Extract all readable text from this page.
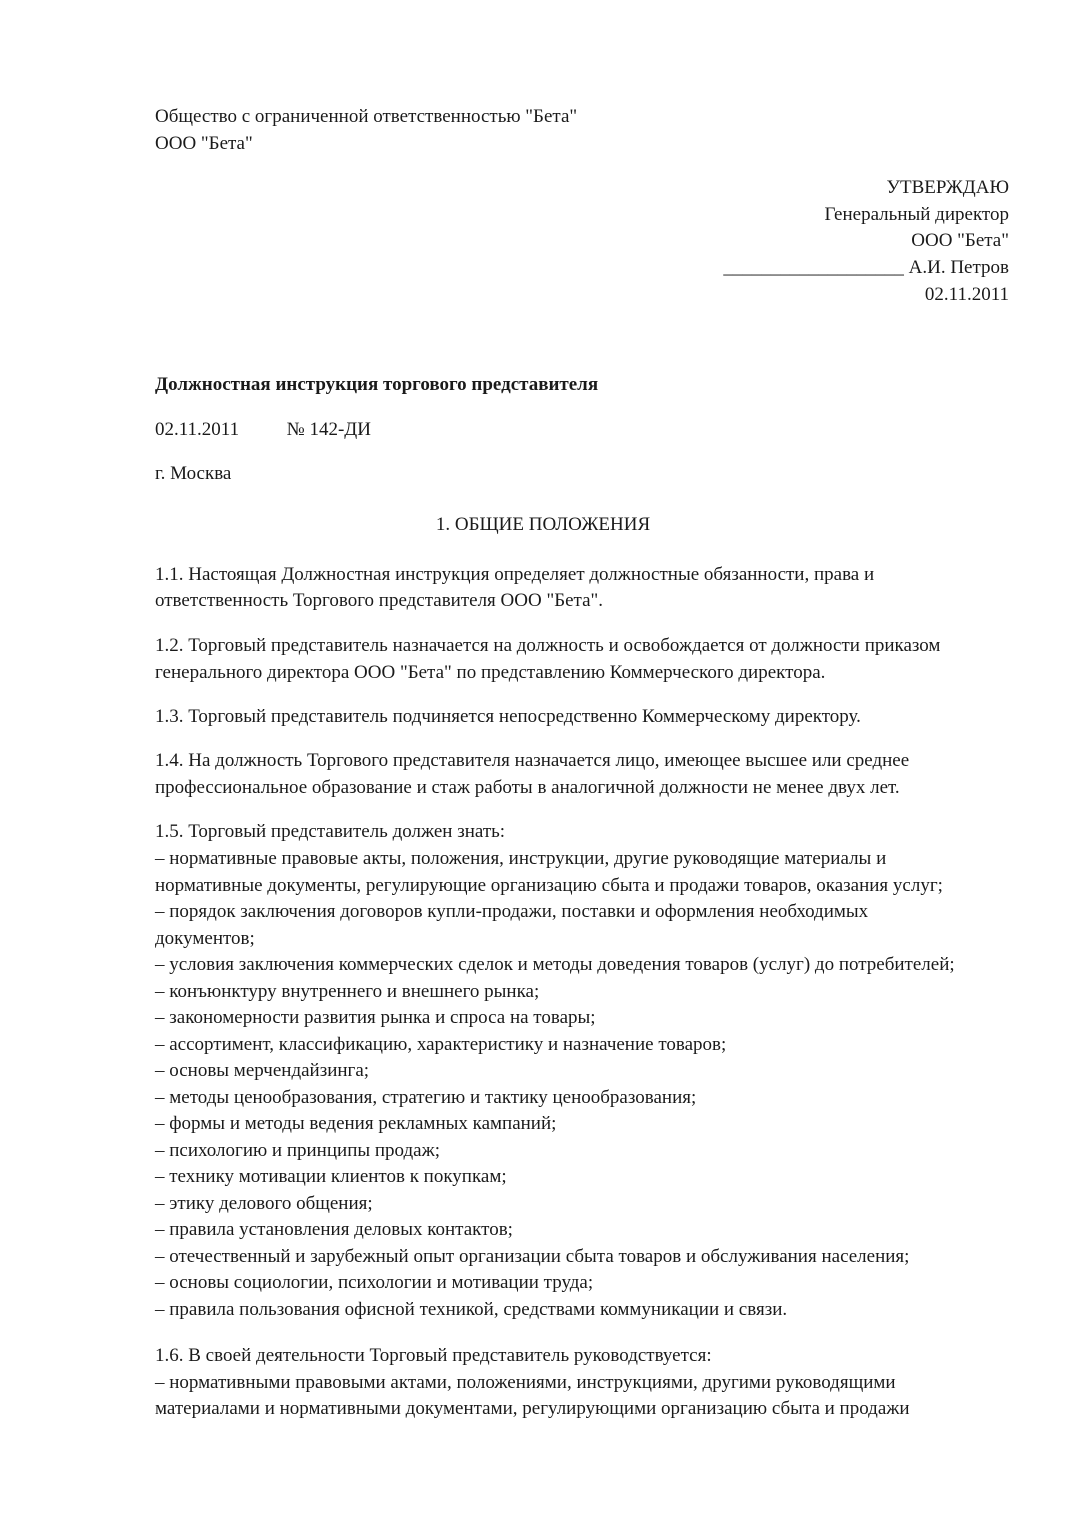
Общество с ограниченной ответственностью "Бета"
ООО "Бета"
УТВЕРЖДАЮ
Генеральный директор
ООО "Бета"
___________________ А.И. Петров
02.11.2011
Должностная инструкция торгового представителя
02.11.2011	№ 142-ДИ
г. Москва
1. ОБЩИЕ ПОЛОЖЕНИЯ
1.1. Настоящая Должностная инструкция определяет должностные обязанности, права и
ответственность Торгового представителя ООО "Бета".
1.2. Торговый представитель назначается на должность и освобождается от должности приказом
генерального директора ООО "Бета" по представлению Коммерческого директора.
1.3. Торговый представитель подчиняется непосредственно Коммерческому директору.
1.4. На должность Торгового представителя назначается лицо, имеющее высшее или среднее
профессиональное образование и стаж работы в аналогичной должности не менее двух лет.
1.5. Торговый представитель должен знать:
– нормативные правовые акты, положения, инструкции, другие руководящие материалы и
нормативные документы, регулирующие организацию сбыта и продажи товаров, оказания услуг;
– порядок заключения договоров купли-продажи, поставки и оформления необходимых
документов;
– условия заключения коммерческих сделок и методы доведения товаров (услуг) до потребителей;
– конъюнктуру внутреннего и внешнего рынка;
– закономерности развития рынка и спроса на товары;
– ассортимент, классификацию, характеристику и назначение товаров;
– основы мерчендайзинга;
– методы ценообразования, стратегию и тактику ценообразования;
– формы и методы ведения рекламных кампаний;
– психологию и принципы продаж;
– технику мотивации клиентов к покупкам;
– этику делового общения;
– правила установления деловых контактов;
– отечественный и зарубежный опыт организации сбыта товаров и обслуживания населения;
– основы социологии, психологии и мотивации труда;
– правила пользования офисной техникой, средствами коммуникации и связи.
1.6. В своей деятельности Торговый представитель руководствуется:
– нормативными правовыми актами, положениями, инструкциями, другими руководящими
материалами и нормативными документами, регулирующими организацию сбыта и продажи
